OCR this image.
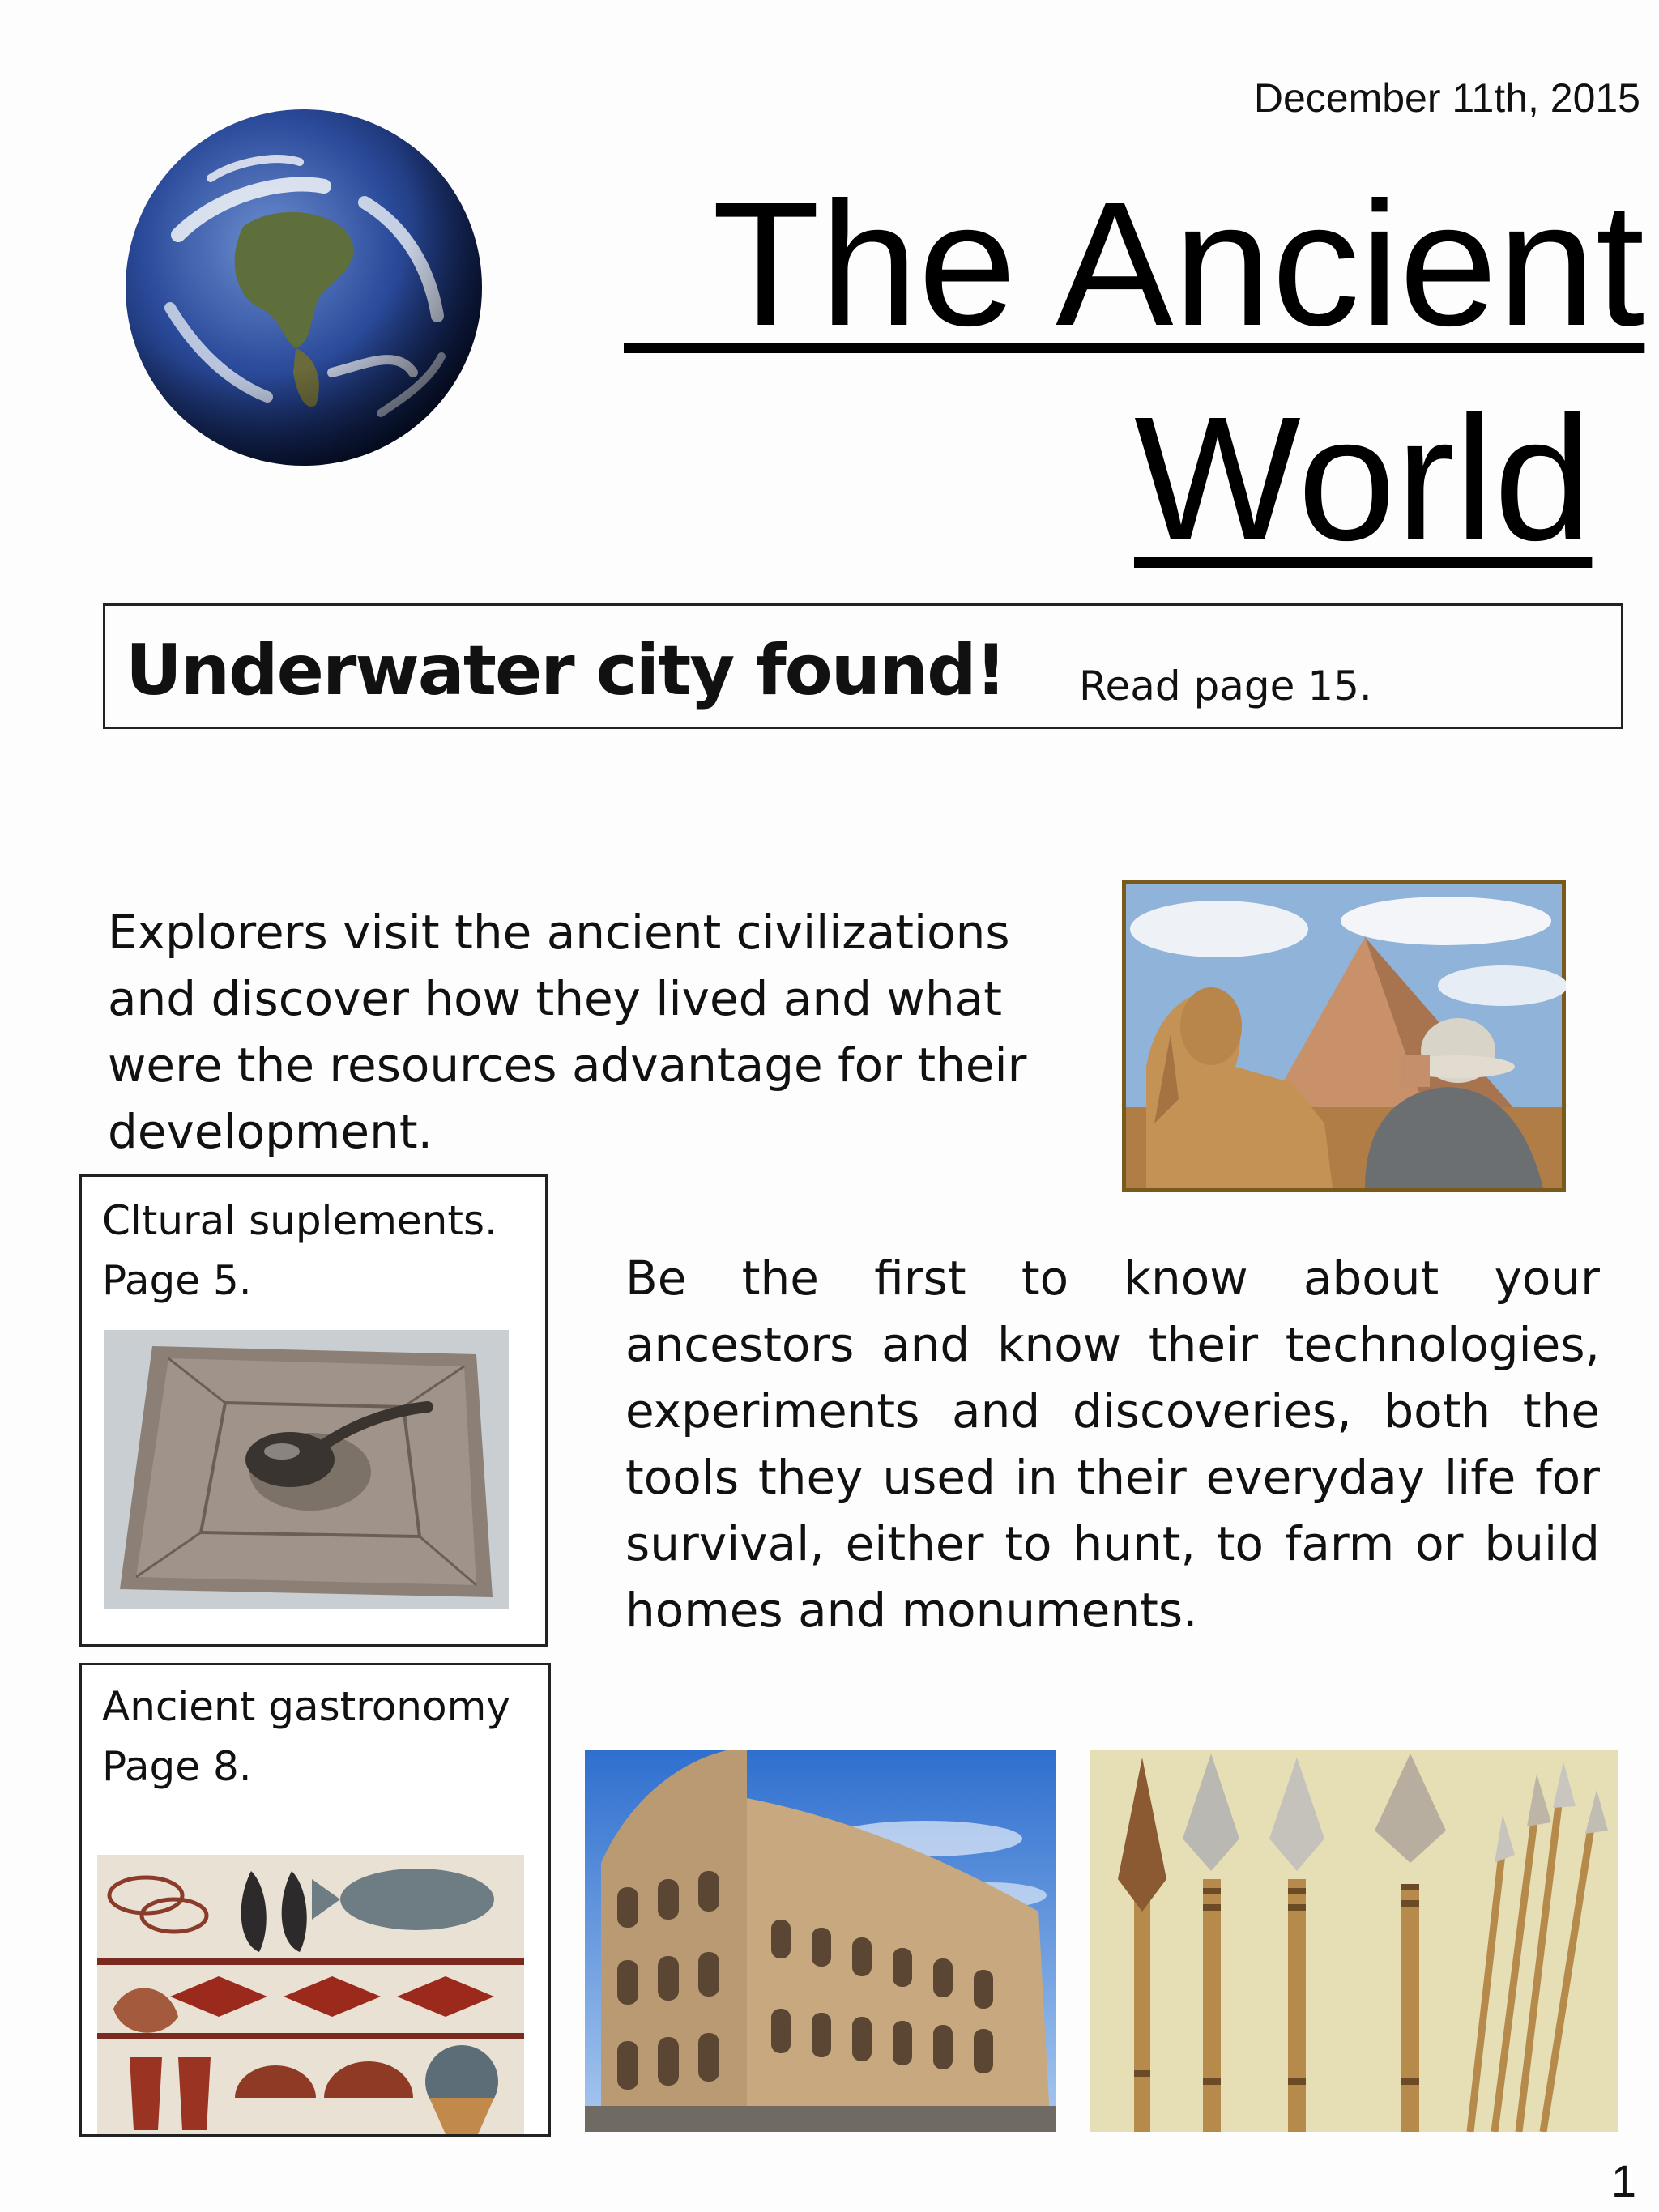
December 11th, 2015
 The Ancient
World
Underwater city found! Read page 15.
Explorers visit the ancient civilizations and discover how they lived and what were the resources advantage for their development.
Cltural suplements.
Page 5.
Ancient gastronomy
Page 8.
Be the first to know about your ancestors and know their technologies, experiments and discoveries, both the tools they used in their everyday life for survival, either to hunt, to farm or build homes and monuments.
1
